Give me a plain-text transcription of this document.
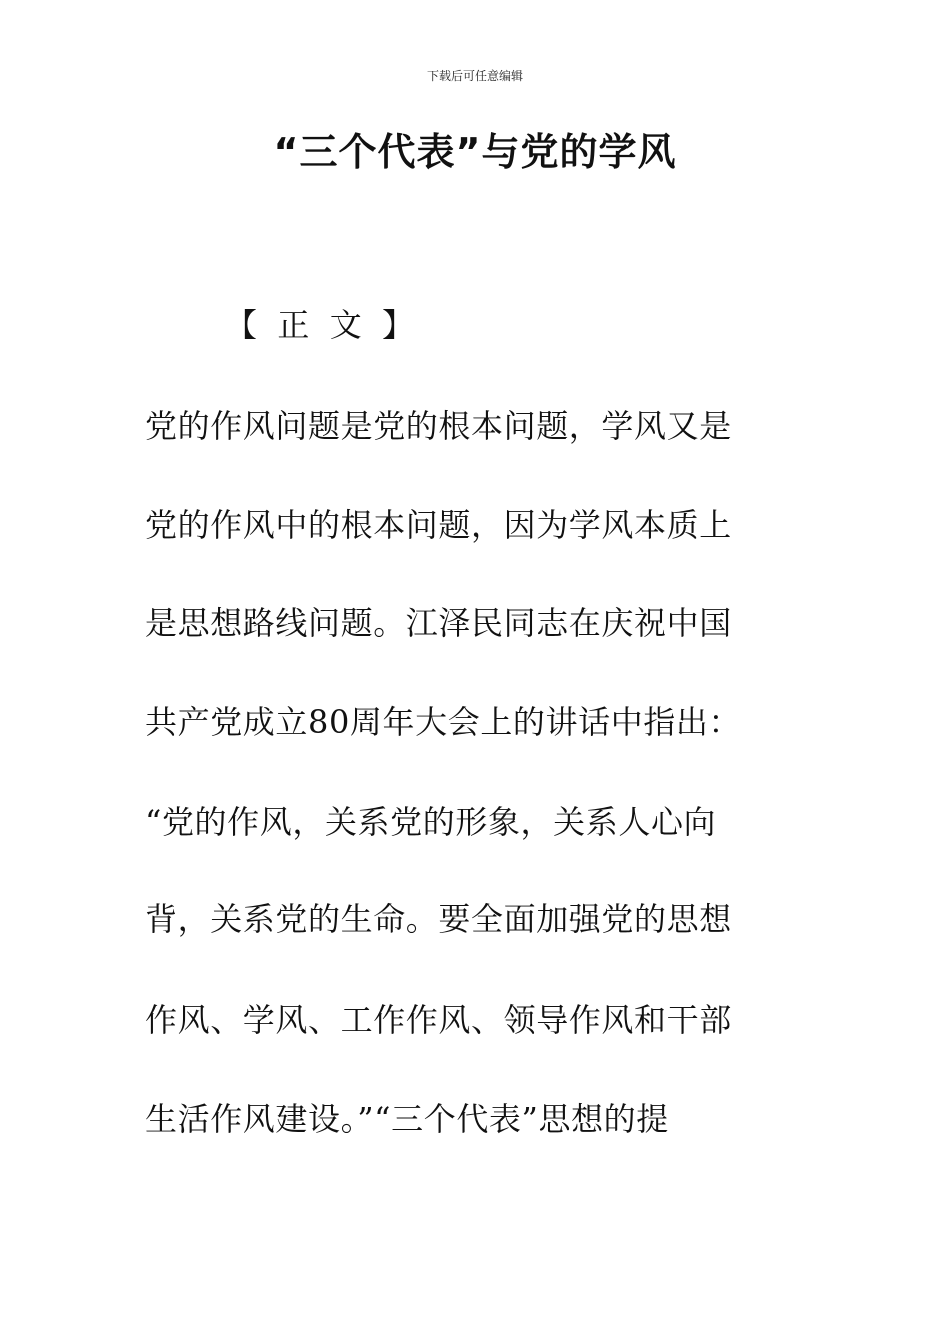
下载后可任意编辑
“三个代表”与党的学风
【  正  文  】
党的作风问题是党的根本问题，学风又是
党的作风中的根本问题，因为学风本质上
是思想路线问题。江泽民同志在庆祝中国
共产党成立80周年大会上的讲话中指出：
“党的作风，关系党的形象，关系人心向
背，关系党的生命。要全面加强党的思想
作风、学风、工作作风、领导作风和干部
生活作风建设。”“三个代表”思想的提
